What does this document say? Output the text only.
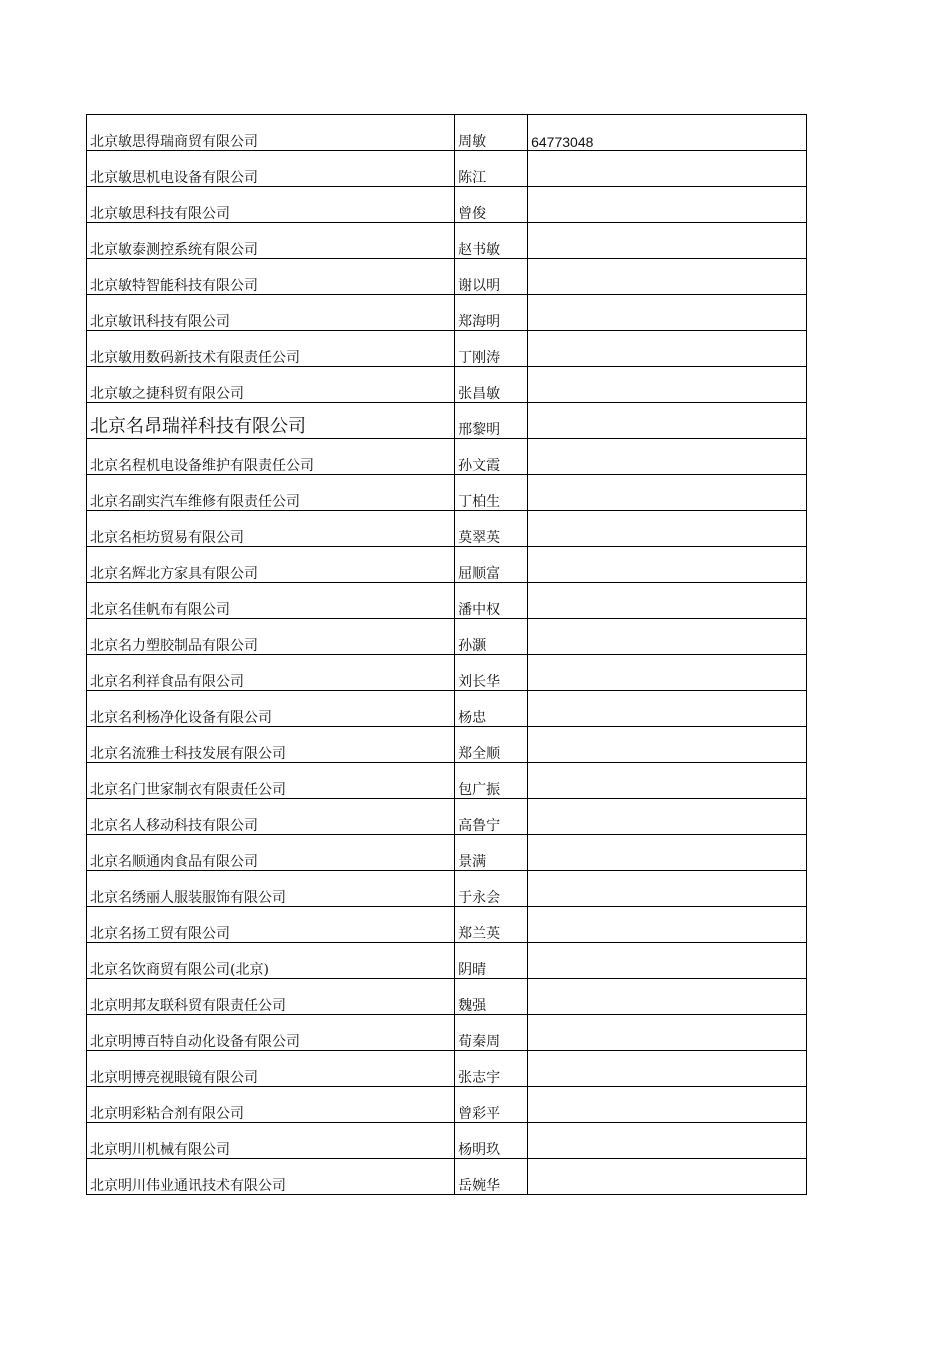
北京敏思得瑞商贸有限公司	周敏	64773048
北京敏思机电设备有限公司	陈江	
北京敏思科技有限公司	曾俊	
北京敏泰测控系统有限公司	赵书敏	
北京敏特智能科技有限公司	谢以明	
北京敏讯科技有限公司	郑海明	
北京敏用数码新技术有限责任公司	丁刚涛	
北京敏之捷科贸有限公司	张昌敏	
北京名昂瑞祥科技有限公司	邢黎明	
北京名程机电设备维护有限责任公司	孙文霞	
北京名副实汽车维修有限责任公司	丁柏生	
北京名柜坊贸易有限公司	莫翠英	
北京名辉北方家具有限公司	屈顺富	
北京名佳帆布有限公司	潘中权	
北京名力塑胶制品有限公司	孙灏	
北京名利祥食品有限公司	刘长华	
北京名利杨净化设备有限公司	杨忠	
北京名流雅士科技发展有限公司	郑全顺	
北京名门世家制衣有限责任公司	包广振	
北京名人移动科技有限公司	高鲁宁	
北京名顺通肉食品有限公司	景满	
北京名绣丽人服装服饰有限公司	于永会	
北京名扬工贸有限公司	郑兰英	
北京名饮商贸有限公司(北京)	阴晴	
北京明邦友联科贸有限责任公司	魏强	
北京明博百特自动化设备有限公司	荀秦周	
北京明博亮视眼镜有限公司	张志宇	
北京明彩粘合剂有限公司	曾彩平	
北京明川机械有限公司	杨明玖	
北京明川伟业通讯技术有限公司	岳婉华	
